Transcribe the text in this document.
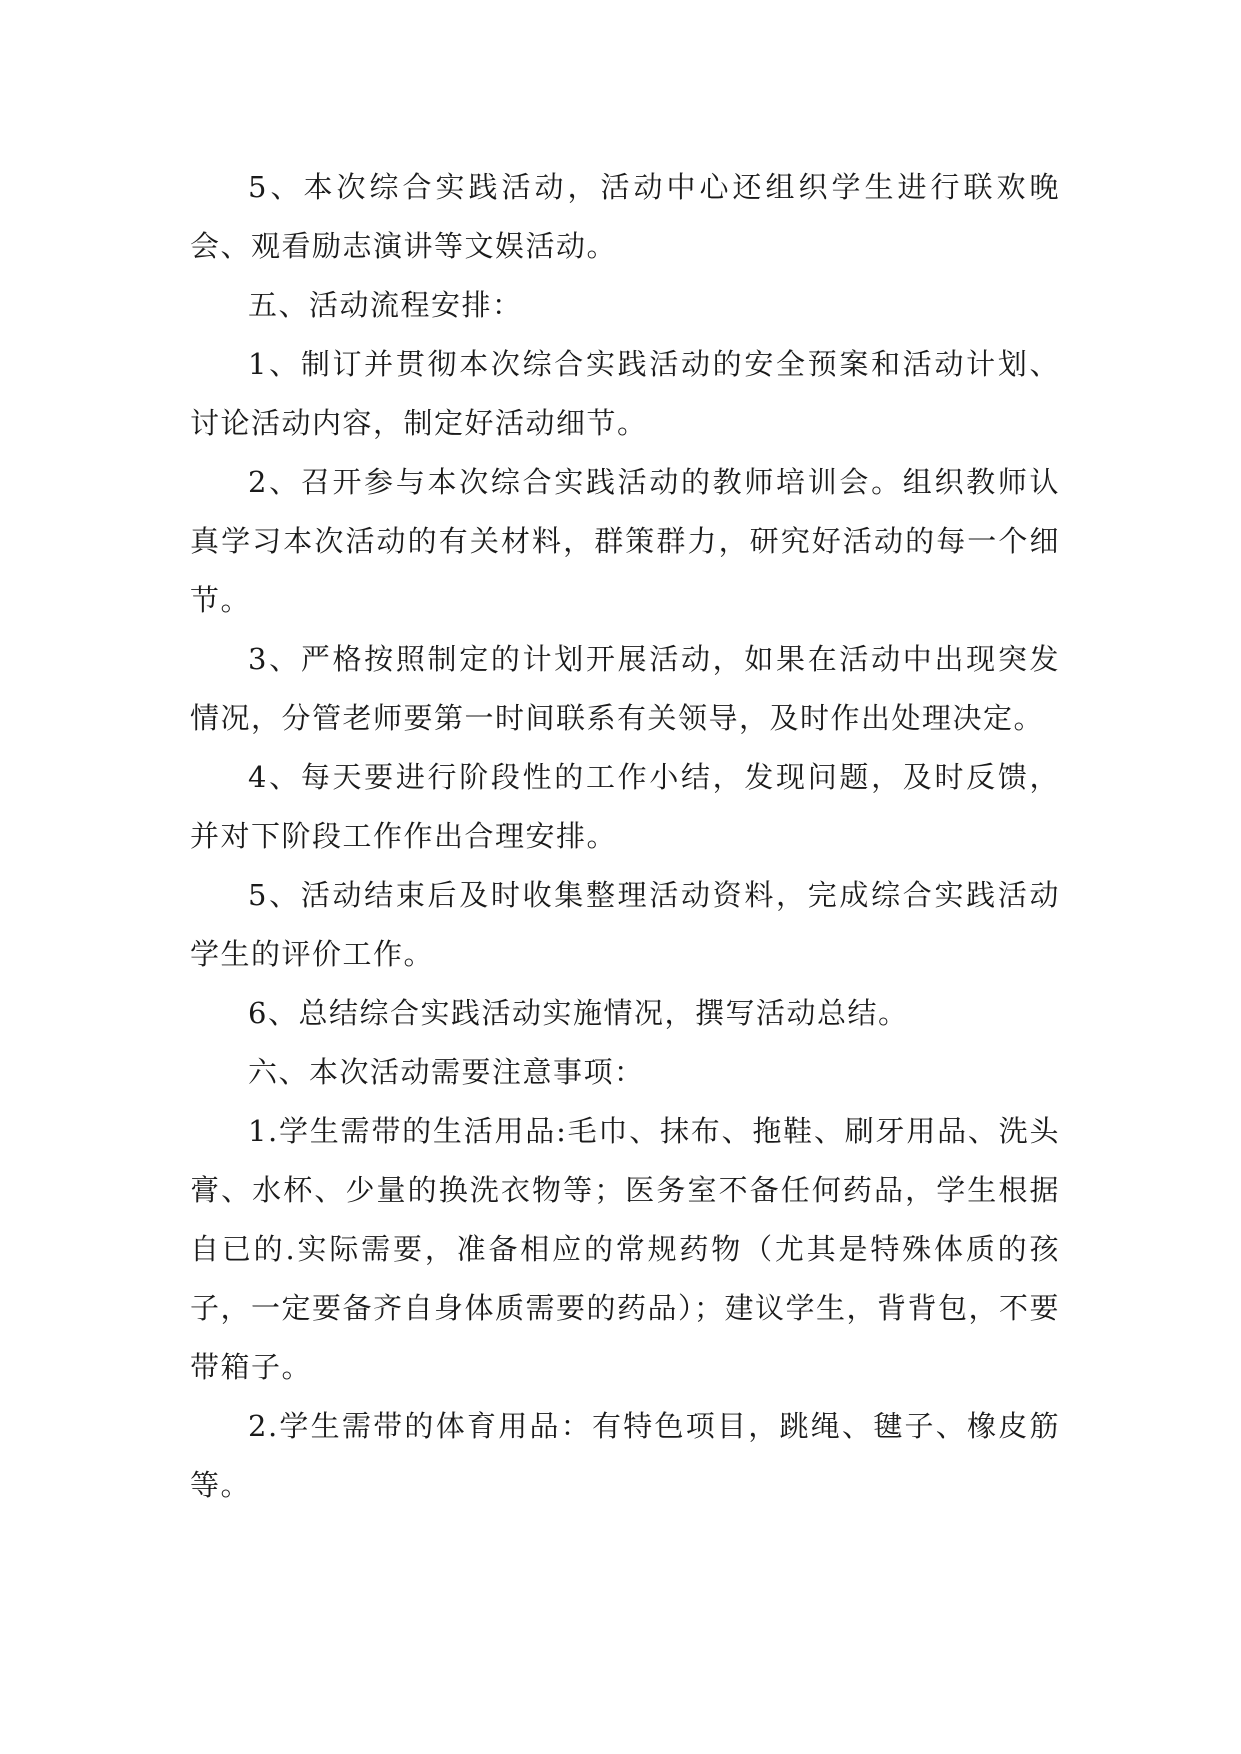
5、本次综合实践活动，活动中心还组织学生进行联欢晚会、观看励志演讲等文娱活动。

五、活动流程安排：

1、制订并贯彻本次综合实践活动的安全预案和活动计划、讨论活动内容，制定好活动细节。

2、召开参与本次综合实践活动的教师培训会。组织教师认真学习本次活动的有关材料，群策群力，研究好活动的每一个细节。

3、严格按照制定的计划开展活动，如果在活动中出现突发情况，分管老师要第一时间联系有关领导，及时作出处理决定。

4、每天要进行阶段性的工作小结，发现问题，及时反馈，并对下阶段工作作出合理安排。

5、活动结束后及时收集整理活动资料，完成综合实践活动学生的评价工作。

6、总结综合实践活动实施情况，撰写活动总结。

六、本次活动需要注意事项：

1.学生需带的生活用品:毛巾、抹布、拖鞋、刷牙用品、洗头膏、水杯、少量的换洗衣物等；医务室不备任何药品，学生根据自已的.实际需要，准备相应的常规药物（尤其是特殊体质的孩子，一定要备齐自身体质需要的药品）；建议学生，背背包，不要带箱子。

2.学生需带的体育用品：有特色项目，跳绳、毽子、橡皮筋等。
